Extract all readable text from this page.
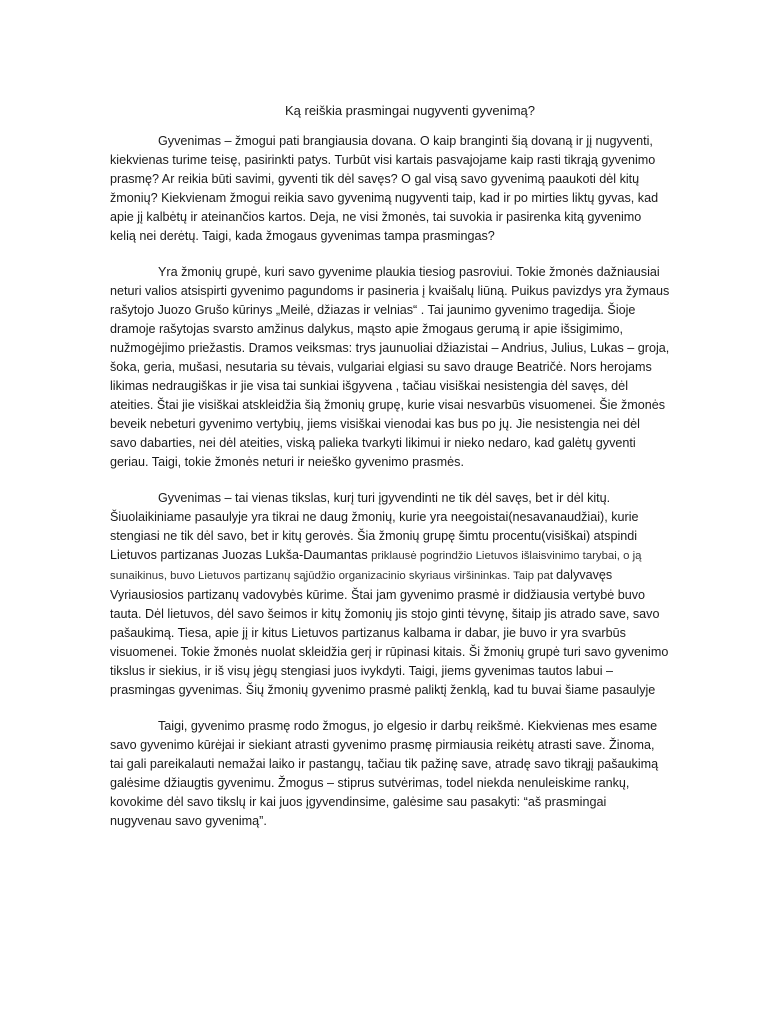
Ką reiškia prasmingai nugyventi gyvenimą?

Gyvenimas – žmogui pati brangiausia dovana. O kaip branginti šią dovaną ir jį nugyventi, kiekvienas turime teisę, pasirinkti patys. Turbūt visi kartais pasvajojame kaip rasti tikrąją gyvenimo prasmę? Ar reikia būti savimi, gyventi tik dėl savęs? O gal visą savo gyvenimą paaukoti dėl kitų žmonių? Kiekvienam žmogui reikia savo gyvenimą nugyventi taip, kad ir po mirties liktų gyvas, kad apie jį kalbėtų ir ateinančios kartos. Deja, ne visi žmonės, tai suvokia ir pasirenka kitą gyvenimo kelią nei derėtų. Taigi, kada žmogaus gyvenimas tampa prasmingas?

Yra žmonių grupė, kuri savo gyvenime plaukia tiesiog pasroviui. Tokie žmonės dažniausiai neturi valios atsispirti gyvenimo pagundoms ir pasineria į kvaišalų liūną. Puikus pavizdys yra žymaus rašytojo Juozo Grušo kūrinys „Meilė, džiazas ir velnias“ . Tai jaunimo gyvenimo tragedija. Šioje dramoje rašytojas svarsto amžinus dalykus, mąsto apie žmogaus gerumą ir apie išsigimimo, nužmogėjimo priežastis. Dramos veiksmas: trys jaunuoliai džiazistai – Andrius, Julius, Lukas – groja, šoka, geria, mušasi, nesutaria su tėvais, vulgariai elgiasi su savo drauge Beatričė. Nors herojams likimas nedraugiškas ir jie visa tai sunkiai išgyvena , tačiau visiškai nesistengia dėl savęs, dėl ateities. Štai jie visiškai atskleidžia šią žmonių grupę, kurie visai nesvarbūs visuomenei. Šie žmonės beveik nebeturi gyvenimo vertybių, jiems visiškai vienodai kas bus po jų. Jie nesistengia nei dėl savo dabarties, nei dėl ateities, viską palieka tvarkyti likimui ir nieko nedaro, kad galėtų gyventi geriau. Taigi, tokie žmonės neturi ir neieško gyvenimo prasmės.

Gyvenimas – tai vienas tikslas, kurį turi įgyvendinti ne tik dėl savęs, bet ir dėl kitų. Šiuolaikiniame pasaulyje yra tikrai ne daug žmonių, kurie yra neegoistai(nesavanaudžiai), kurie stengiasi ne tik dėl savo, bet ir kitų gerovės. Šia žmonių grupę šimtu procentu(visiškai) atspindi Lietuvos partizanas Juozas Lukša-Daumantas priklausė pogrindžio Lietuvos išlaisvinimo tarybai, o ją sunaikinus, buvo Lietuvos partizanų sąjūdžio organizacinio skyriaus viršininkas. Taip pat dalyvavęs Vyriausiosios partizanų vadovybės kūrime. Štai jam gyvenimo prasmė ir didžiausia vertybė buvo tauta. Dėl lietuvos, dėl savo šeimos ir kitų žomonių jis stojo ginti tėvynę, šitaip jis atrado save, savo pašaukimą. Tiesa, apie jį ir kitus Lietuvos partizanus kalbama ir dabar, jie buvo ir yra svarbūs visuomenei. Tokie žmonės nuolat skleidžia gerį ir rūpinasi kitais. Ši žmonių grupė turi savo gyvenimo tikslus ir siekius, ir iš visų jėgų stengiasi juos ivykdyti. Taigi, jiems gyvenimas tautos labui – prasmingas gyvenimas. Šių žmonių gyvenimo prasmė paliktį ženklą, kad tu buvai šiame pasaulyje

Taigi, gyvenimo prasmę rodo žmogus, jo elgesio ir darbų reikšmė. Kiekvienas mes esame savo gyvenimo kūrėjai ir siekiant atrasti gyvenimo prasmę pirmiausia reikėtų atrasti save. Žinoma, tai gali pareikalauti nemažai laiko ir pastangų, tačiau tik pažinę save, atradę savo tikrąjį pašaukimą galėsime džiaugtis gyvenimu. Žmogus – stiprus sutvėrimas, todel niekda nenuleiskime rankų, kovokime dėl savo tikslų ir kai juos įgyvendinsime, galėsime sau pasakyti: “aš prasmingai nugyvenau savo gyvenimą”.
